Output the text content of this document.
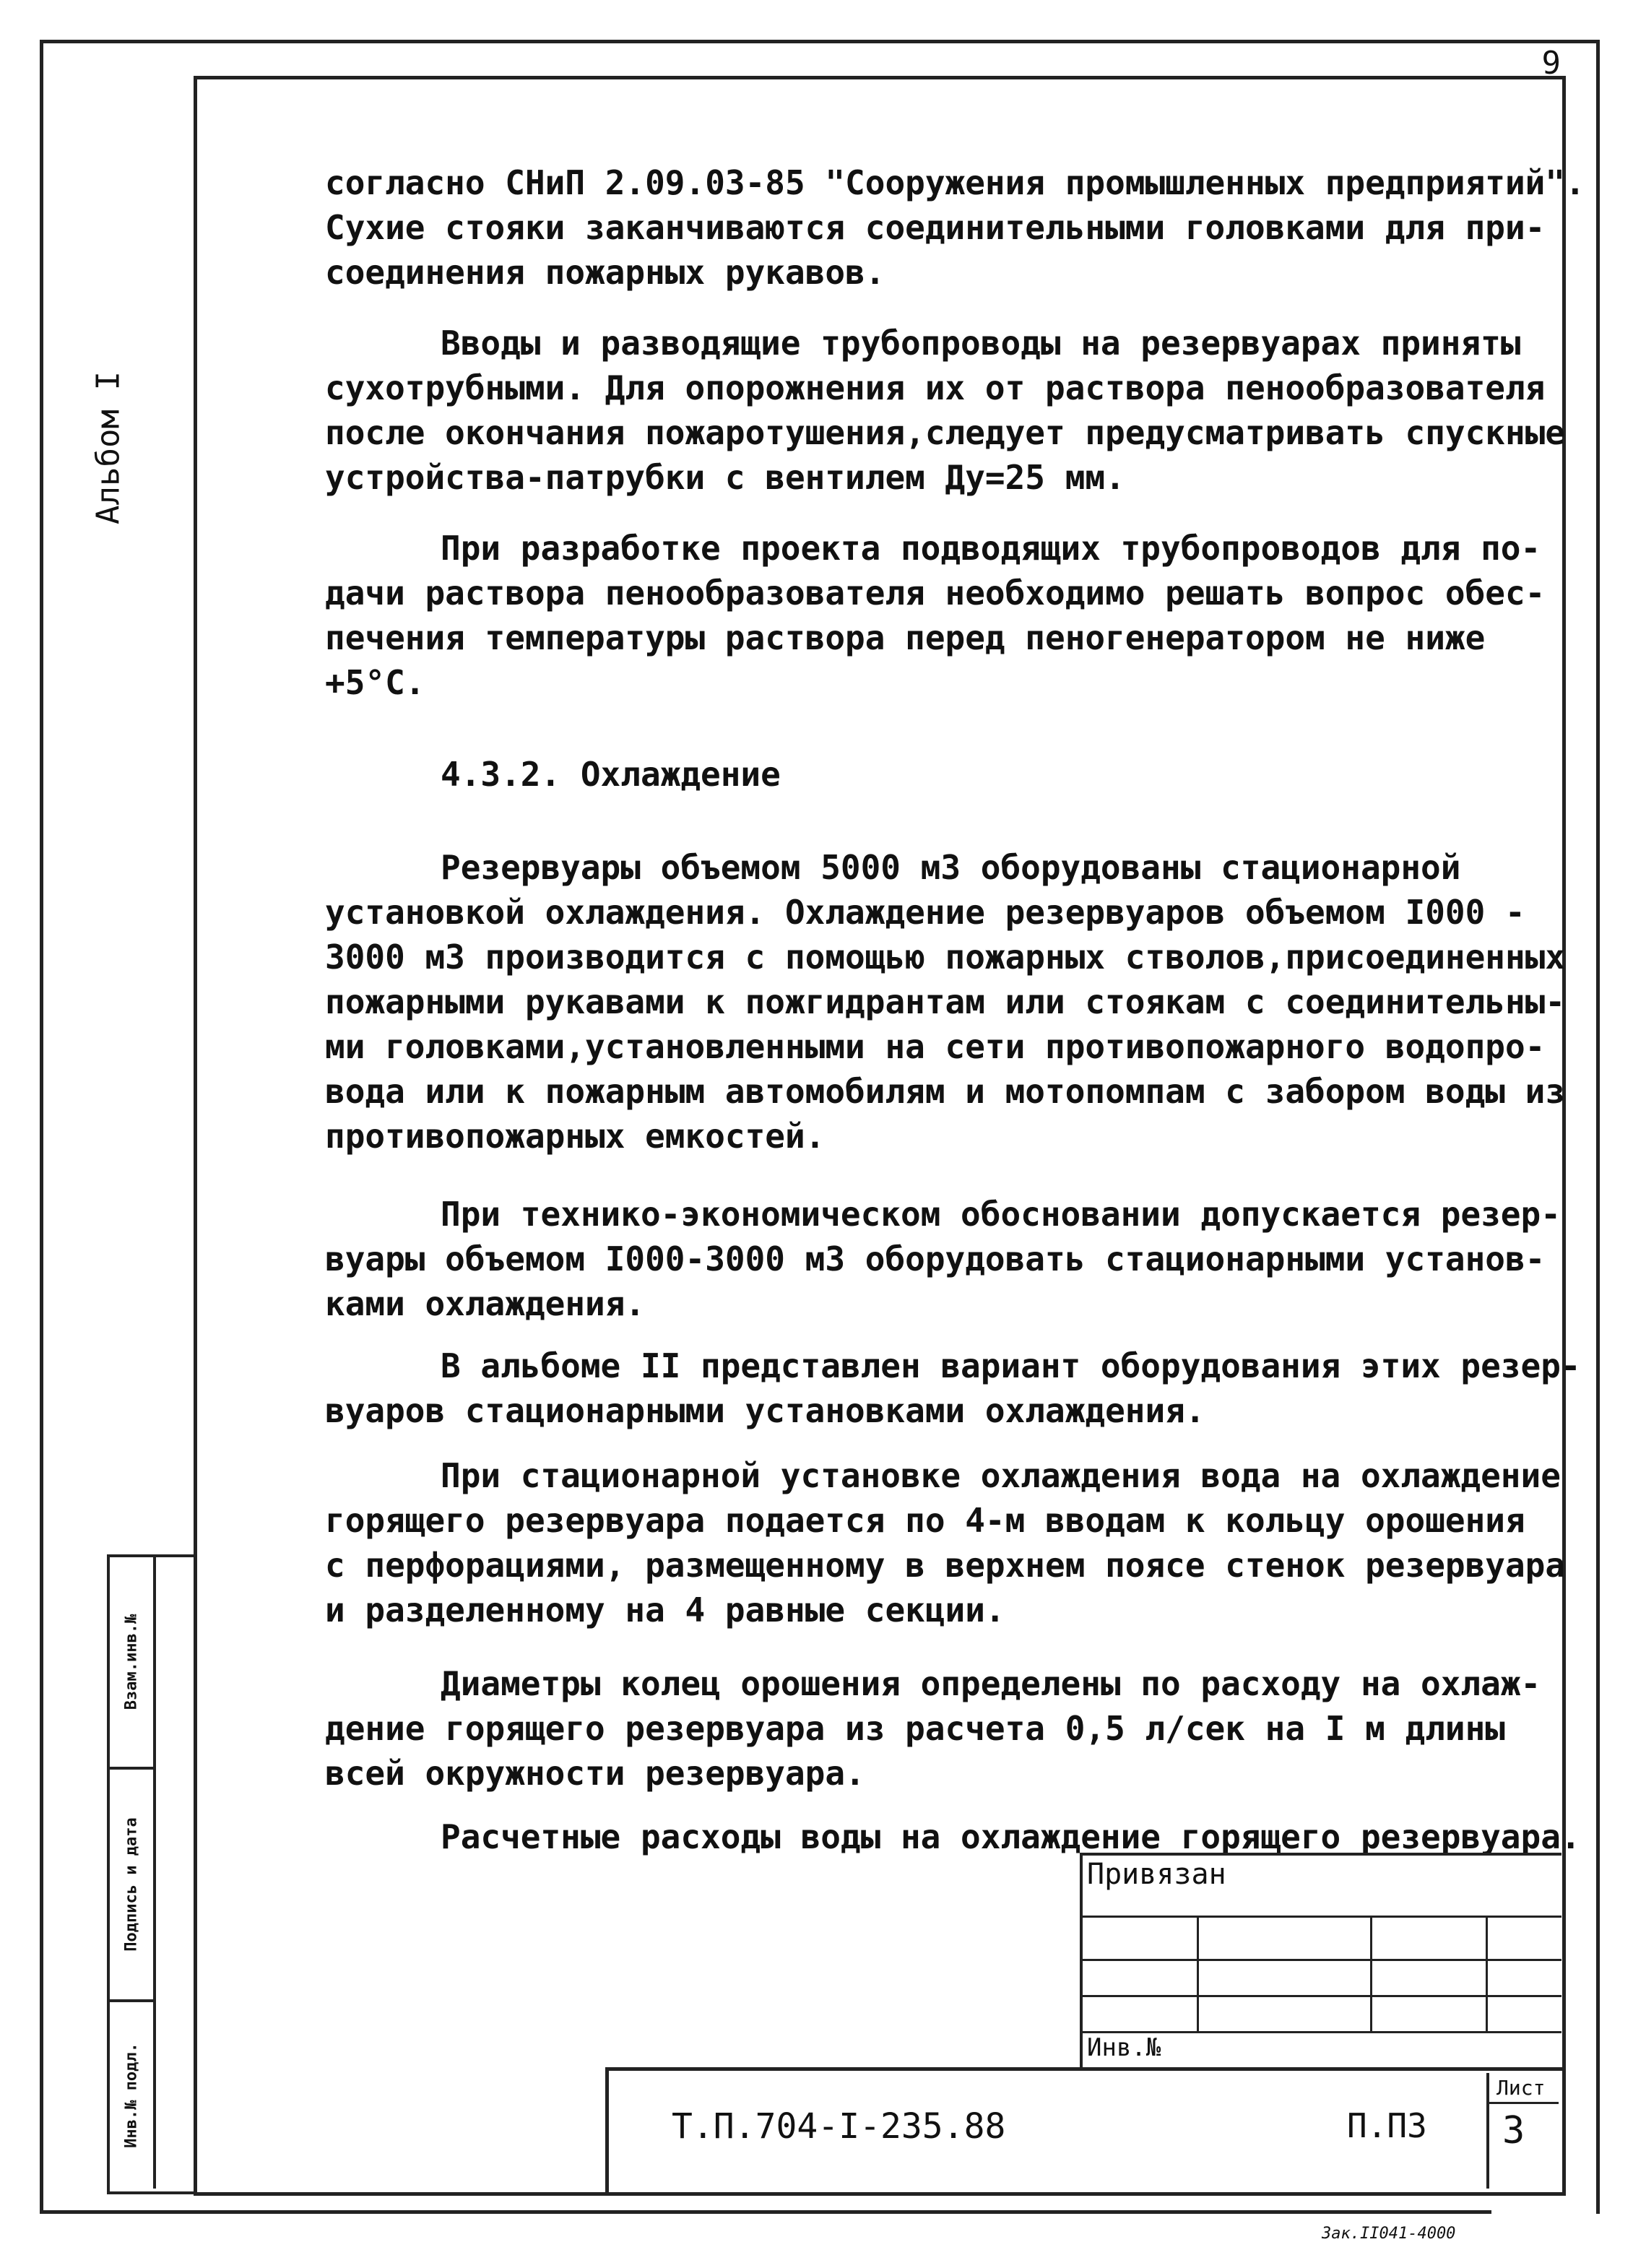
9
Альбом I
согласно СНиП 2.09.03-85 "Сооружения промышленных предприятий".
Сухие стояки заканчиваются соединительными головками для при-
соединения пожарных рукавов.
Вводы и разводящие трубопроводы на резервуарах приняты
сухотрубными. Для опорожнения их от раствора пенообразователя
после окончания пожаротушения,следует предусматривать спускные
устройства-патрубки с вентилем Ду=25 мм.
При разработке проекта подводящих трубопроводов для по-
дачи раствора пенообразователя необходимо решать вопрос обес-
печения температуры раствора перед пеногенератором не ниже
+5°С.
4.3.2. Охлаждение
Резервуары объемом 5000 м3 оборудованы стационарной
установкой охлаждения. Охлаждение резервуаров объемом I000 -
3000 м3 производится с помощью пожарных стволов,присоединенных
пожарными рукавами к пожгидрантам или стоякам с соединительны-
ми головками,установленными на сети противопожарного водопро-
вода или к пожарным автомобилям и мотопомпам с забором воды из
противопожарных емкостей.
При технико-экономическом обосновании допускается резер-
вуары объемом I000-3000 м3 оборудовать стационарными установ-
ками охлаждения.
В альбоме II представлен вариант оборудования этих резер-
вуаров стационарными установками охлаждения.
При стационарной установке охлаждения вода на охлаждение
горящего резервуара подается по 4-м вводам к кольцу орошения
с перфорациями, размещенному в верхнем поясе стенок резервуара
и разделенному на 4 равные секции.
Диаметры колец орошения определены по расходу на охлаж-
дение горящего резервуара из расчета 0,5 л/сек на I м длины
всей окружности резервуара.
Расчетные расходы воды на охлаждение горящего резервуара.
Взам.инв.№
Подпись и дата
Инв.№ подл.
Привязан
Инв.№
Т.П.704-I-235.88	П.ПЗ
Лист
3
Зак.II041-4000
